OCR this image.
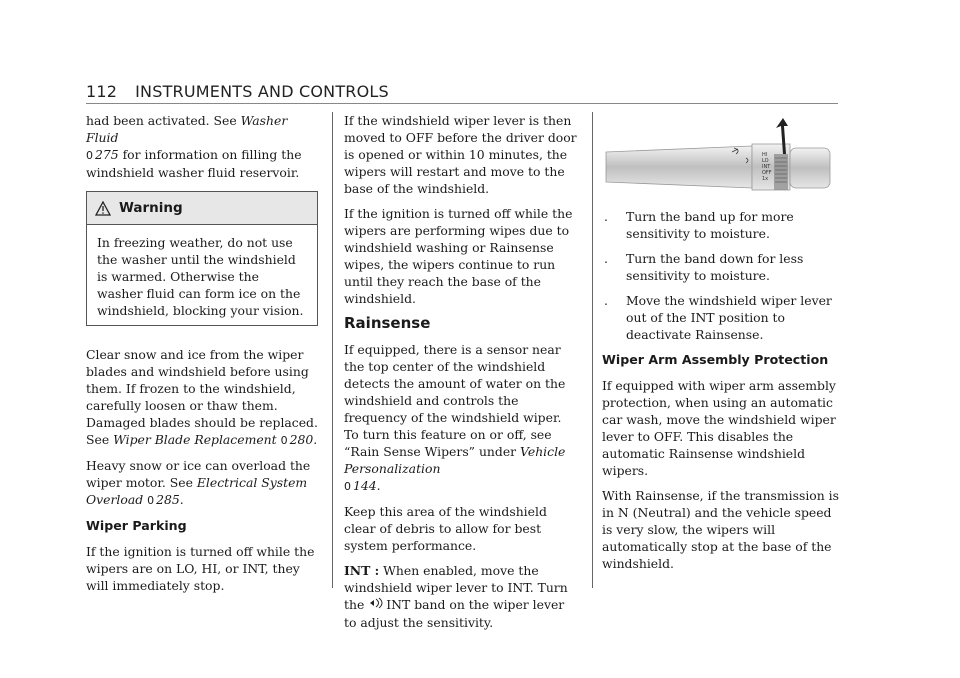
112 INSTRUMENTS AND CONTROLS

had been activated. See Washer Fluid
0 275 for information on filling the windshield washer fluid reservoir.

Warning
In freezing weather, do not use the washer until the windshield is warmed. Otherwise the washer fluid can form ice on the windshield, blocking your vision.

Clear snow and ice from the wiper blades and windshield before using them. If frozen to the windshield, carefully loosen or thaw them. Damaged blades should be replaced. See Wiper Blade Replacement 0 280.

Heavy snow or ice can overload the wiper motor. See Electrical System Overload 0 285.

Wiper Parking

If the ignition is turned off while the wipers are on LO, HI, or INT, they will immediately stop.

If the windshield wiper lever is then moved to OFF before the driver door is opened or within 10 minutes, the wipers will restart and move to the base of the windshield.

If the ignition is turned off while the wipers are performing wipes due to windshield washing or Rainsense wipes, the wipers continue to run until they reach the base of the windshield.

Rainsense

If equipped, there is a sensor near the top center of the windshield detects the amount of water on the windshield and controls the frequency of the windshield wiper. To turn this feature on or off, see “Rain Sense Wipers” under Vehicle Personalization
0 144.

Keep this area of the windshield clear of debris to allow for best system performance.

INT : When enabled, move the windshield wiper lever to INT. Turn the INT band on the wiper lever to adjust the sensitivity.

HI
LO
INT
OFF
1x
. Turn the band up for more sensitivity to moisture.
. Turn the band down for less sensitivity to moisture.
. Move the windshield wiper lever out of the INT position to deactivate Rainsense.
Wiper Arm Assembly Protection

If equipped with wiper arm assembly protection, when using an automatic car wash, move the windshield wiper lever to OFF. This disables the automatic Rainsense windshield wipers.

With Rainsense, if the transmission is in N (Neutral) and the vehicle speed is very slow, the wipers will automatically stop at the base of the windshield.
